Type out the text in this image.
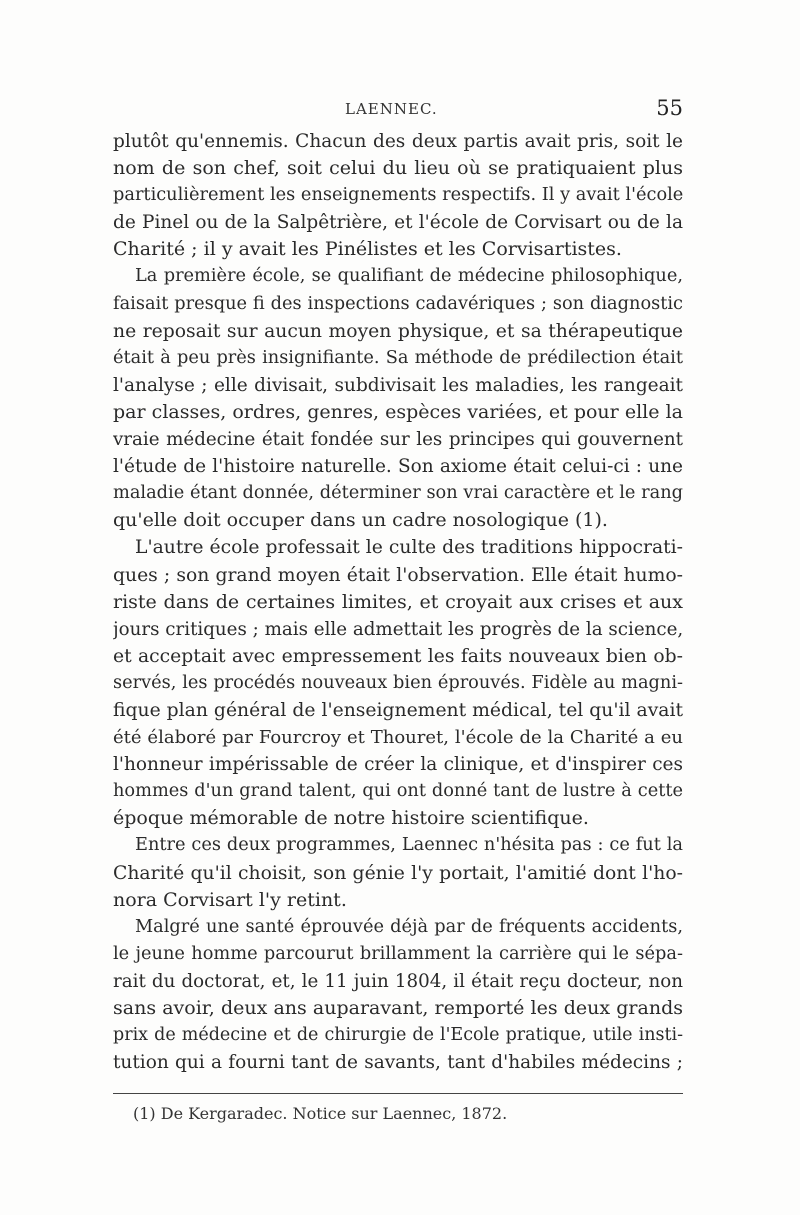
LAENNEC.	55
plutôt qu'ennemis. Chacun des deux partis avait pris, soit le
nom de son chef, soit celui du lieu où se pratiquaient plus
particulièrement les enseignements respectifs. Il y avait l'école
de Pinel ou de la Salpêtrière, et l'école de Corvisart ou de la
Charité ; il y avait les Pinélistes et les Corvisartistes.
La première école, se qualifiant de médecine philosophique,
faisait presque fi des inspections cadavériques ; son diagnostic
ne reposait sur aucun moyen physique, et sa thérapeutique
était à peu près insignifiante. Sa méthode de prédilection était
l'analyse ; elle divisait, subdivisait les maladies, les rangeait
par classes, ordres, genres, espèces variées, et pour elle la
vraie médecine était fondée sur les principes qui gouvernent
l'étude de l'histoire naturelle. Son axiome était celui-ci : une
maladie étant donnée, déterminer son vrai caractère et le rang
qu'elle doit occuper dans un cadre nosologique (1).
L'autre école professait le culte des traditions hippocrati-
ques ; son grand moyen était l'observation. Elle était humo-
riste dans de certaines limites, et croyait aux crises et aux
jours critiques ; mais elle admettait les progrès de la science,
et acceptait avec empressement les faits nouveaux bien ob-
servés, les procédés nouveaux bien éprouvés. Fidèle au magni-
fique plan général de l'enseignement médical, tel qu'il avait
été élaboré par Fourcroy et Thouret, l'école de la Charité a eu
l'honneur impérissable de créer la clinique, et d'inspirer ces
hommes d'un grand talent, qui ont donné tant de lustre à cette
époque mémorable de notre histoire scientifique.
Entre ces deux programmes, Laennec n'hésita pas : ce fut la
Charité qu'il choisit, son génie l'y portait, l'amitié dont l'ho-
nora Corvisart l'y retint.
Malgré une santé éprouvée déjà par de fréquents accidents,
le jeune homme parcourut brillamment la carrière qui le sépa-
rait du doctorat, et, le 11 juin 1804, il était reçu docteur, non
sans avoir, deux ans auparavant, remporté les deux grands
prix de médecine et de chirurgie de l'Ecole pratique, utile insti-
tution qui a fourni tant de savants, tant d'habiles médecins ;
(1) De Kergaradec. Notice sur Laennec, 1872.
